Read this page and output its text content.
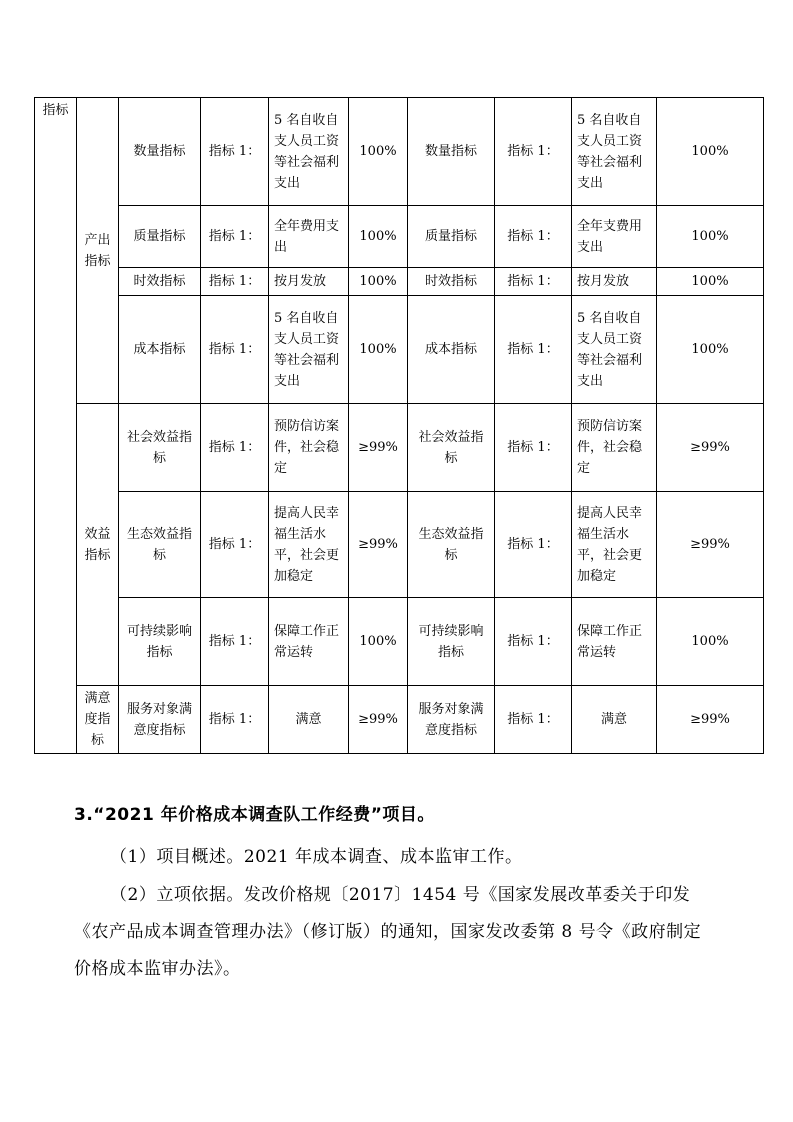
指标	产出指标	数量指标	指标 1：	5 名自收自支人员工资等社会福利支出	100%	数量指标	指标 1：	5 名自收自支人员工资等社会福利支出	100%
		质量指标	指标 1：	全年费用支出	100%	质量指标	指标 1：	全年支费用支出	100%
		时效指标	指标 1：	按月发放	100%	时效指标	指标 1：	按月发放	100%
		成本指标	指标 1：	5 名自收自支人员工资等社会福利支出	100%	成本指标	指标 1：	5 名自收自支人员工资等社会福利支出	100%
	效益指标	社会效益指标	指标 1：	预防信访案件，社会稳定	≥99%	社会效益指标	指标 1：	预防信访案件，社会稳定	≥99%
		生态效益指标	指标 1：	提高人民幸福生活水平，社会更加稳定	≥99%	生态效益指标	指标 1：	提高人民幸福生活水平，社会更加稳定	≥99%
		可持续影响指标	指标 1：	保障工作正常运转	100%	可持续影响指标	指标 1：	保障工作正常运转	100%
	满意度指标	服务对象满意度指标	指标 1：	满意	≥99%	服务对象满意度指标	指标 1：	满意	≥99%
3.“2021 年价格成本调查队工作经费”项目。

（1）项目概述。2021 年成本调查、成本监审工作。

（2）立项依据。发改价格规〔2017〕1454 号《国家发展改革委关于印发《农产品成本调查管理办法》（修订版）的通知，国家发改委第 8 号令《政府制定价格成本监审办法》。
